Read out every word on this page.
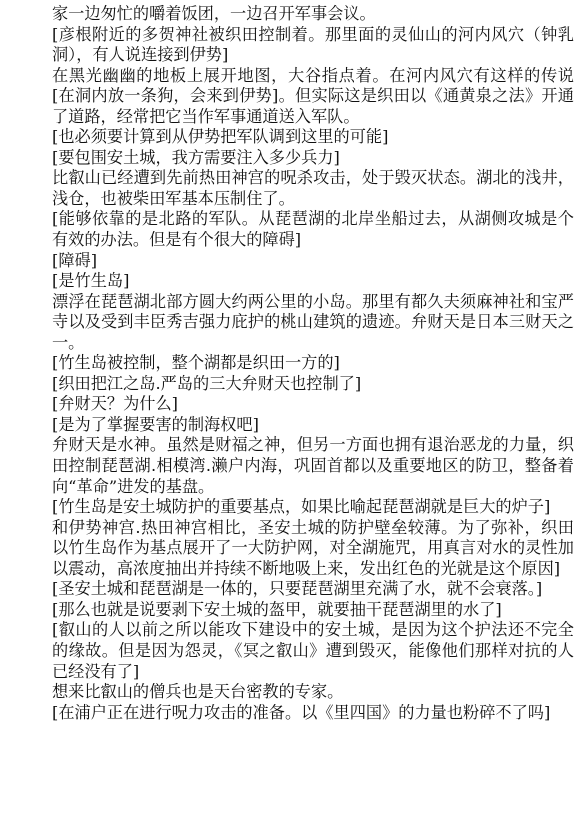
家一边匆忙的嚼着饭团，一边召开军事会议。

[彦根附近的多贺神社被织田控制着。那里面的灵仙山的河内风穴（钟乳洞），有人说连接到伊势]

在黑光幽幽的地板上展开地图，大谷指点着。在河内风穴有这样的传说[在洞内放一条狗，会来到伊势]。但实际这是织田以《通黄泉之法》开通了道路，经常把它当作军事通道送入军队。

[也必须要计算到从伊势把军队调到这里的可能]

[要包围安土城，我方需要注入多少兵力]

比叡山已经遭到先前热田神宫的呪杀攻击，处于毁灭状态。湖北的浅井，浅仓，也被柴田军基本压制住了。

[能够依靠的是北路的军队。从琵琶湖的北岸坐船过去，从湖侧攻城是个有效的办法。但是有个很大的障碍]

[障碍]

[是竹生岛]

漂浮在琵琶湖北部方圆大约两公里的小岛。那里有都久夫须麻神社和宝严寺以及受到丰臣秀吉强力庇护的桃山建筑的遗迹。弁财天是日本三财天之一。

[竹生岛被控制，整个湖都是织田一方的]

[织田把江之岛.严岛的三大弁财天也控制了]

[弁财天？为什么]

[是为了掌握要害的制海权吧]

弁财天是水神。虽然是财福之神，但另一方面也拥有退治恶龙的力量，织田控制琵琶湖.相模湾.濑户内海，巩固首都以及重要地区的防卫，整备着向“革命”进发的基盘。

[竹生岛是安土城防护的重要基点，如果比喻起琵琶湖就是巨大的炉子]

和伊势神宫.热田神宫相比，圣安土城的防护壁垒较薄。为了弥补，织田以竹生岛作为基点展开了一大防护网，对全湖施咒，用真言对水的灵性加以震动，高浓度抽出并持续不断地吸上来，发出红色的光就是这个原因]

[圣安土城和琵琶湖是一体的，只要琵琶湖里充满了水，就不会衰落。]

[那么也就是说要剥下安土城的盔甲，就要抽干琵琶湖里的水了]

[叡山的人以前之所以能攻下建设中的安土城，是因为这个护法还不完全的缘故。但是因为怨灵，《冥之叡山》遭到毁灭，能像他们那样对抗的人已经没有了]

想来比叡山的僧兵也是天台密教的专家。

[在浦户正在进行呪力攻击的准备。以《里四国》的力量也粉碎不了吗]
